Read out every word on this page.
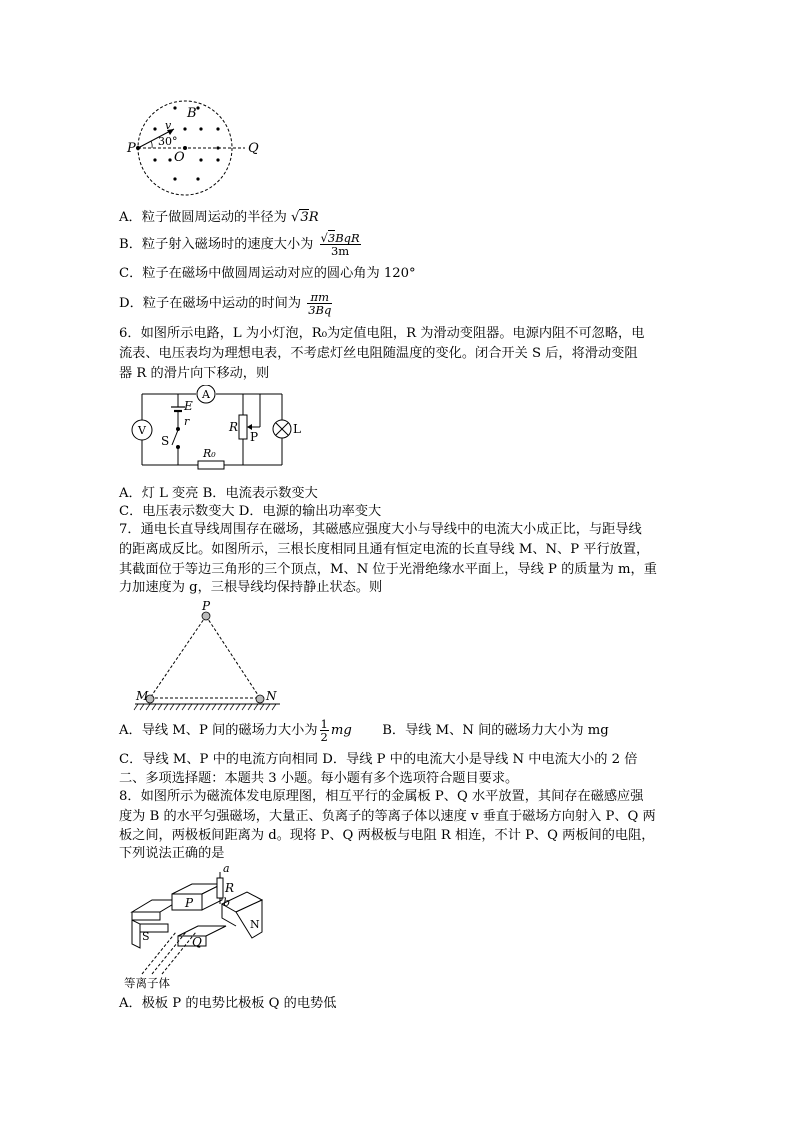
B
P	Q
O
v
30°
A．粒子做圆周运动的半径为 √3R
B．粒子射入磁场时的速度大小为 $\frac{\text{√3BqR}}{3m}$
C．粒子在磁场中做圆周运动对应的圆心角为 120°
D．粒子在磁场中运动的时间为 $\frac{\pi m}{3Bq}$
6．如图所示电路，L 为小灯泡，R₀为定值电阻，R 为滑动变阻器。电源内阻不可忽略，电
流表、电压表均为理想电表，不考虑灯丝电阻随温度的变化。闭合开关 S 后，将滑动变阻
器 R 的滑片向下移动，则
A
V
E
r
S
R
P
L
R₀
A．灯 L 变亮 B．电流表示数变大
C．电压表示数变大 D．电源的输出功率变大
7．通电长直导线周围存在磁场，其磁感应强度大小与导线中的电流大小成正比，与距导线
的距离成反比。如图所示，三根长度相同且通有恒定电流的长直导线 M、N、P 平行放置，
其截面位于等边三角形的三个顶点，M、N 位于光滑绝缘水平面上，导线 P 的质量为 m，重
力加速度为 g，三根导线均保持静止状态。则
P
M	N
A．导线 M、P 间的磁场力大小为 $\frac{1}{2}$ mg B．导线 M、N 间的磁场力大小为 mg
C．导线 M、P 中的电流方向相同 D．导线 P 中的电流大小是导线 N 中电流大小的 2 倍
二、多项选择题：本题共 3 小题。每小题有多个选项符合题目要求。
8．如图所示为磁流体发电原理图，相互平行的金属板 P、Q 水平放置，其间存在磁感应强
度为 B 的水平匀强磁场，大量正、负离子的等离子体以速度 v 垂直于磁场方向射入 P、Q 两
板之间，两极板间距离为 d。现将 P、Q 两极板与电阻 R 相连，不计 P、Q 两板间的电阻，
下列说法正确的是
a
R
b
P
S
N
Q
等离子体
A．极板 P 的电势比极板 Q 的电势低
